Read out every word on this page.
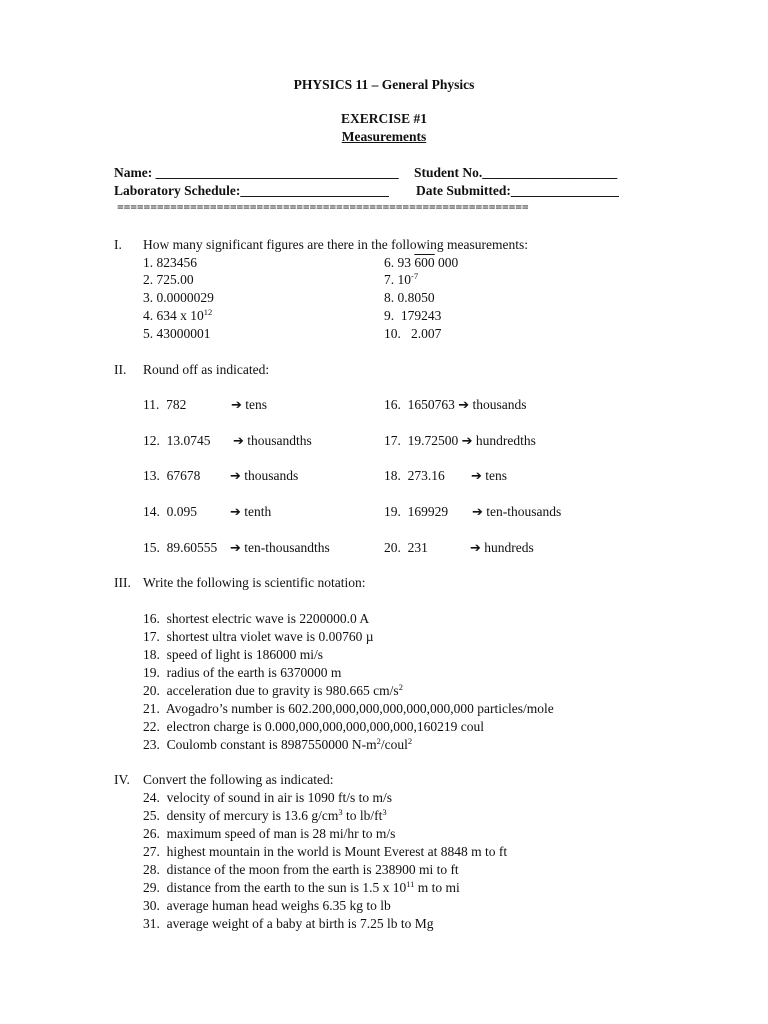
PHYSICS 11 – General Physics
EXERCISE #1
Measurements
Name: ____________________________________ Student No.____________________
Laboratory Schedule:______________________ Date Submitted:________________
==============================================================
I. How many significant figures are there in the following measurements:
1. 823456
2. 725.00
3. 0.0000029
4. 634 x $10^{12}$
5. 43000001
6. 93 600 000
7. $10^{-7}$
8. 0.8050
9.  179243
10.   2.007
II. Round off as indicated:
11. 782	➔ tens
12. 13.0745 ➔ thousandths
13. 67678 ➔ thousands
14. 0.095	➔ tenth
15. 89.60555 ➔ ten-thousandths
16. 1650763 ➔ thousands
17. 19.72500 ➔ hundredths
18. 273.16 ➔ tens
19. 169929 ➔ ten-thousands
20. 231	➔ hundreds
III. Write the following is scientific notation:
16. shortest electric wave is 2200000.0 A
17. shortest ultra violet wave is 0.00760 µ
18. speed of light is 186000 mi/s
19. radius of the earth is 6370000 m
20. acceleration due to gravity is 980.665 $cm/s^2$
21. Avogadro’s number is 602.200,000,000,000,000,000,000 particles/mole
22. electron charge is 0.000,000,000,000,000,000,160219 coul
23. Coulomb constant is 8987550000 $N-m^2/coul^2$
IV. Convert the following as indicated:
24. velocity of sound in air is 1090 ft/s to m/s
25. density of mercury is 13.6 $g/cm^3$ to $lb/ft^3$
26. maximum speed of man is 28 mi/hr to m/s
27. highest mountain in the world is Mount Everest at 8848 m to ft
28. distance of the moon from the earth is 238900 mi to ft
29. distance from the earth to the sun is 1.5 x $10^{11}$ m to mi
30. average human head weighs 6.35 kg to lb
31. average weight of a baby at birth is 7.25 lb to Mg
